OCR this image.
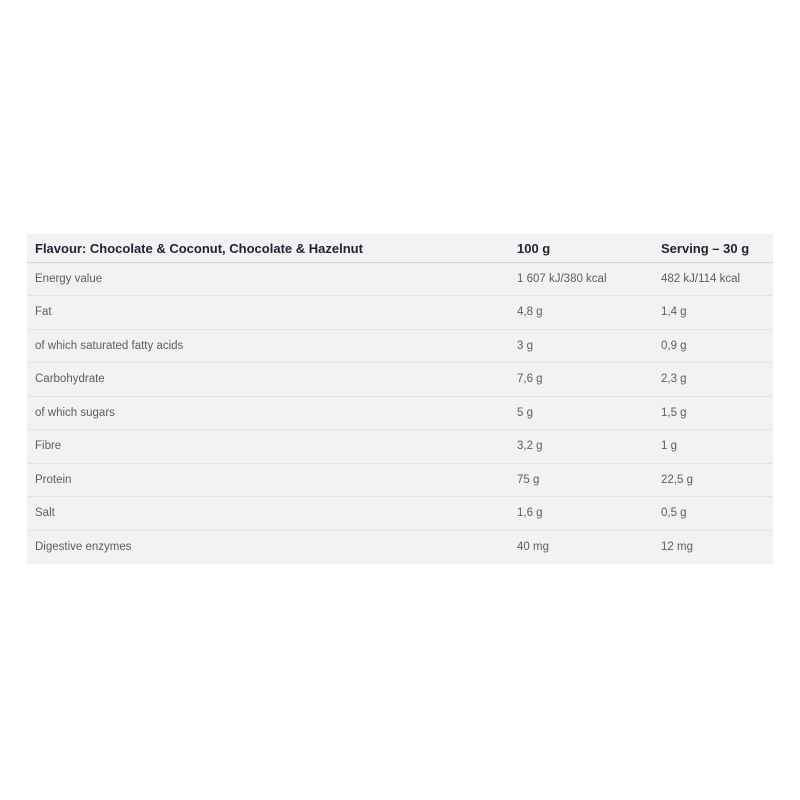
Flavour: Chocolate & Coconut, Chocolate & Hazelnut	100 g	Serving – 30 g
Energy value	1 607 kJ/380 kcal	482 kJ/114 kcal
Fat	4,8 g	1,4 g
of which saturated fatty acids	3 g	0,9 g
Carbohydrate	7,6 g	2,3 g
of which sugars	5 g	1,5 g
Fibre	3,2 g	1 g
Protein	75 g	22,5 g
Salt	1,6 g	0,5 g
Digestive enzymes	40 mg	12 mg
